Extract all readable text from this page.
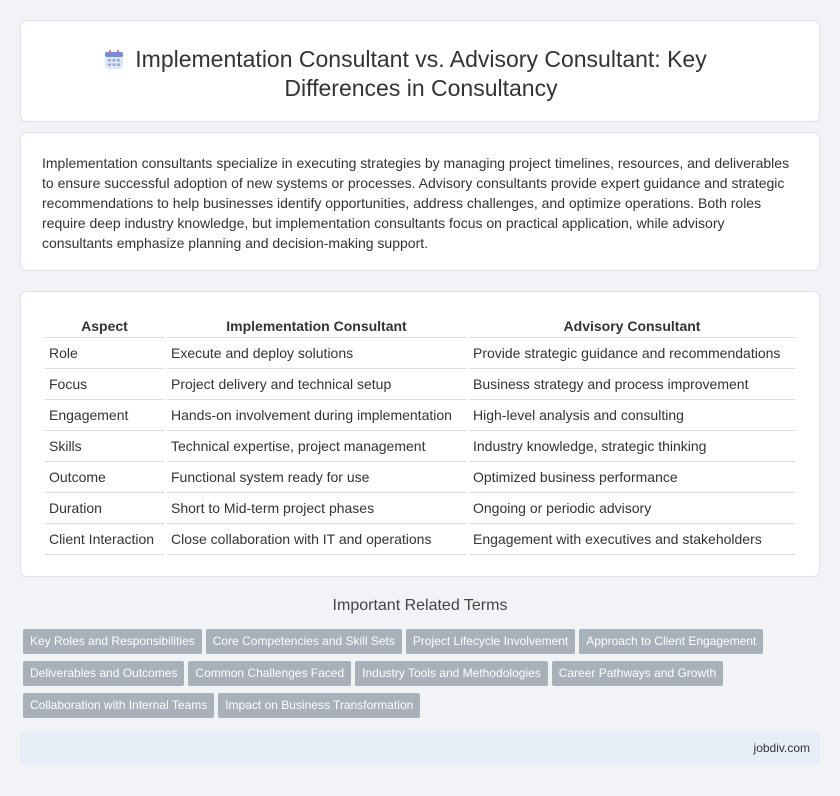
Implementation Consultant vs. Advisory Consultant: Key Differences in Consultancy

Implementation consultants specialize in executing strategies by managing project timelines, resources, and deliverables to ensure successful adoption of new systems or processes. Advisory consultants provide expert guidance and strategic recommendations to help businesses identify opportunities, address challenges, and optimize operations. Both roles require deep industry knowledge, but implementation consultants focus on practical application, while advisory consultants emphasize planning and decision-making support.

Aspect	Implementation Consultant	Advisory Consultant
Role	Execute and deploy solutions	Provide strategic guidance and recommendations
Focus	Project delivery and technical setup	Business strategy and process improvement
Engagement	Hands-on involvement during implementation	High-level analysis and consulting
Skills	Technical expertise, project management	Industry knowledge, strategic thinking
Outcome	Functional system ready for use	Optimized business performance
Duration	Short to Mid-term project phases	Ongoing or periodic advisory
Client Interaction	Close collaboration with IT and operations	Engagement with executives and stakeholders
Important Related Terms
Key Roles and Responsibilities Core Competencies and Skill Sets Project Lifecycle Involvement Approach to Client EngagementDeliverables and Outcomes Common Challenges Faced Industry Tools and Methodologies Career Pathways and GrowthCollaboration with Internal Teams Impact on Business Transformation
jobdiv.com
